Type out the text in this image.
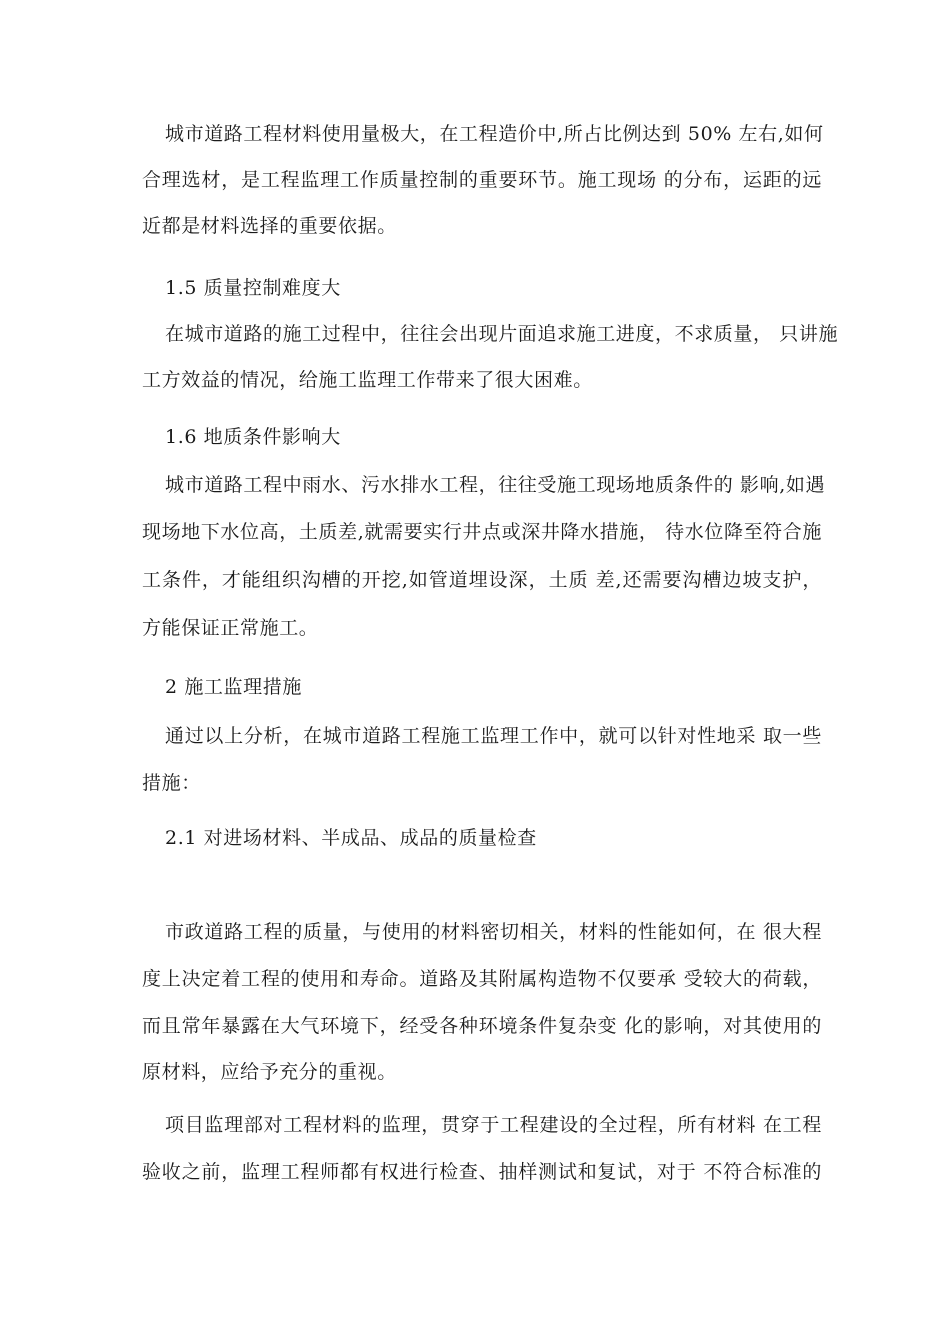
城市道路工程材料使用量极大，在工程造价中,所占比例达到 50% 左右,如何
合理选材，是工程监理工作质量控制的重要环节。施工现场 的分布，运距的远
近都是材料选择的重要依据。
1.5 质量控制难度大
在城市道路的施工过程中，往往会出现片面追求施工进度，不求质量， 只讲施
工方效益的情况，给施工监理工作带来了很大困难。
1.6 地质条件影响大
城市道路工程中雨水、污水排水工程，往往受施工现场地质条件的 影响,如遇
现场地下水位高，土质差,就需要实行井点或深井降水措施， 待水位降至符合施
工条件，才能组织沟槽的开挖,如管道埋设深，土质 差,还需要沟槽边坡支护，
方能保证正常施工。
2 施工监理措施
通过以上分析，在城市道路工程施工监理工作中，就可以针对性地采 取一些
措施：
2.1 对进场材料、半成品、成品的质量检查
市政道路工程的质量，与使用的材料密切相关，材料的性能如何，在 很大程
度上决定着工程的使用和寿命。道路及其附属构造物不仅要承 受较大的荷载，
而且常年暴露在大气环境下，经受各种环境条件复杂变 化的影响，对其使用的
原材料，应给予充分的重视。
项目监理部对工程材料的监理，贯穿于工程建设的全过程，所有材料 在工程
验收之前，监理工程师都有权进行检查、抽样测试和复试，对于 不符合标准的
